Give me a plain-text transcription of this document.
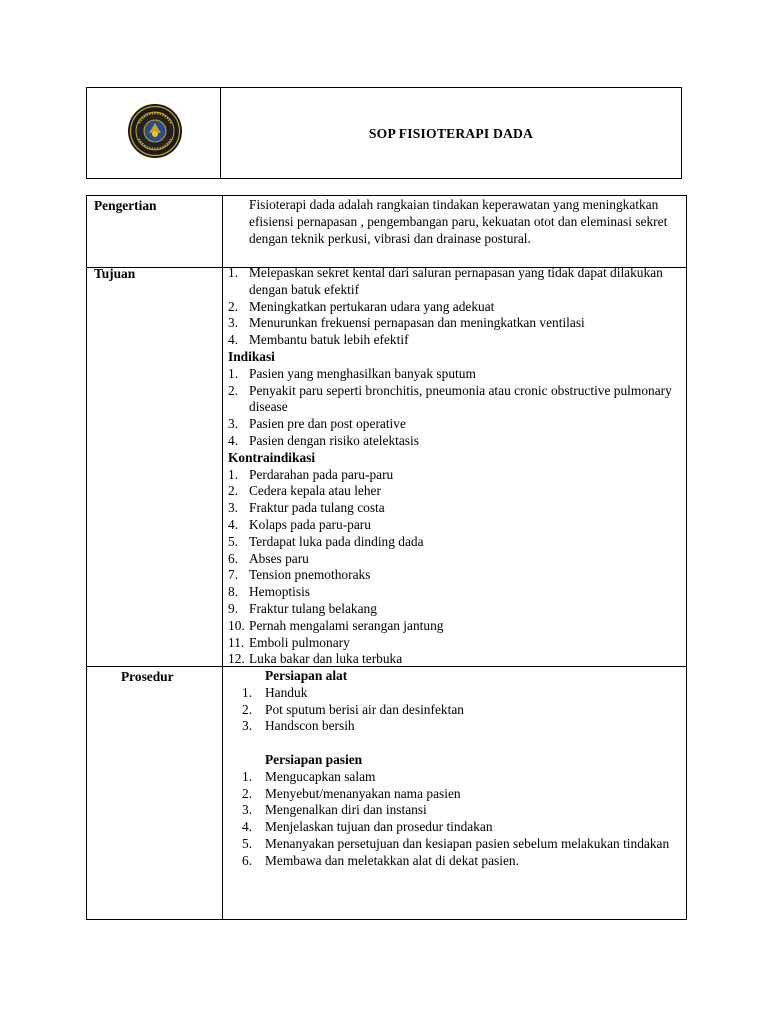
SOP FISIOTERAPI DADA
Pengertian	Fisioterapi dada adalah rangkaian tindakan keperawatan yang meningkatkan efisiensi pernapasan , pengembangan paru, kekuatan otot dan eleminasi sekret dengan teknik perkusi, vibrasi dan drainase postural.

Tujuan	1. Melepaskan sekret kental dari saluran pernapasan yang tidak dapat dilakukan dengan batuk efektif
2. Meningkatkan pertukaran udara yang adekuat
3. Menurunkan frekuensi pernapasan dan meningkatkan ventilasi
4. Membantu batuk lebih efektif
Indikasi
1. Pasien yang menghasilkan banyak sputum
2. Penyakit paru seperti bronchitis, pneumonia atau cronic obstructive pulmonary disease
3. Pasien pre dan post operative
4. Pasien dengan risiko atelektasis
Kontraindikasi
1. Perdarahan pada paru-paru
2. Cedera kepala atau leher
3. Fraktur pada tulang costa
4. Kolaps pada paru-paru
5. Terdapat luka pada dinding dada
6. Abses paru
7. Tension pnemothoraks
8. Hemoptisis
9. Fraktur tulang belakang
10. Pernah mengalami serangan jantung
11. Emboli pulmonary
12. Luka bakar dan luka terbuka
Prosedur	Persiapan alat
1. Handuk
2. Pot sputum berisi air dan desinfektan
3. Handscon bersih
Persiapan pasien
1. Mengucapkan salam
2. Menyebut/menanyakan nama pasien
3. Mengenalkan diri dan instansi
4. Menjelaskan tujuan dan prosedur tindakan
5. Menanyakan persetujuan dan kesiapan pasien sebelum melakukan tindakan
6. Membawa dan meletakkan alat di dekat pasien.
